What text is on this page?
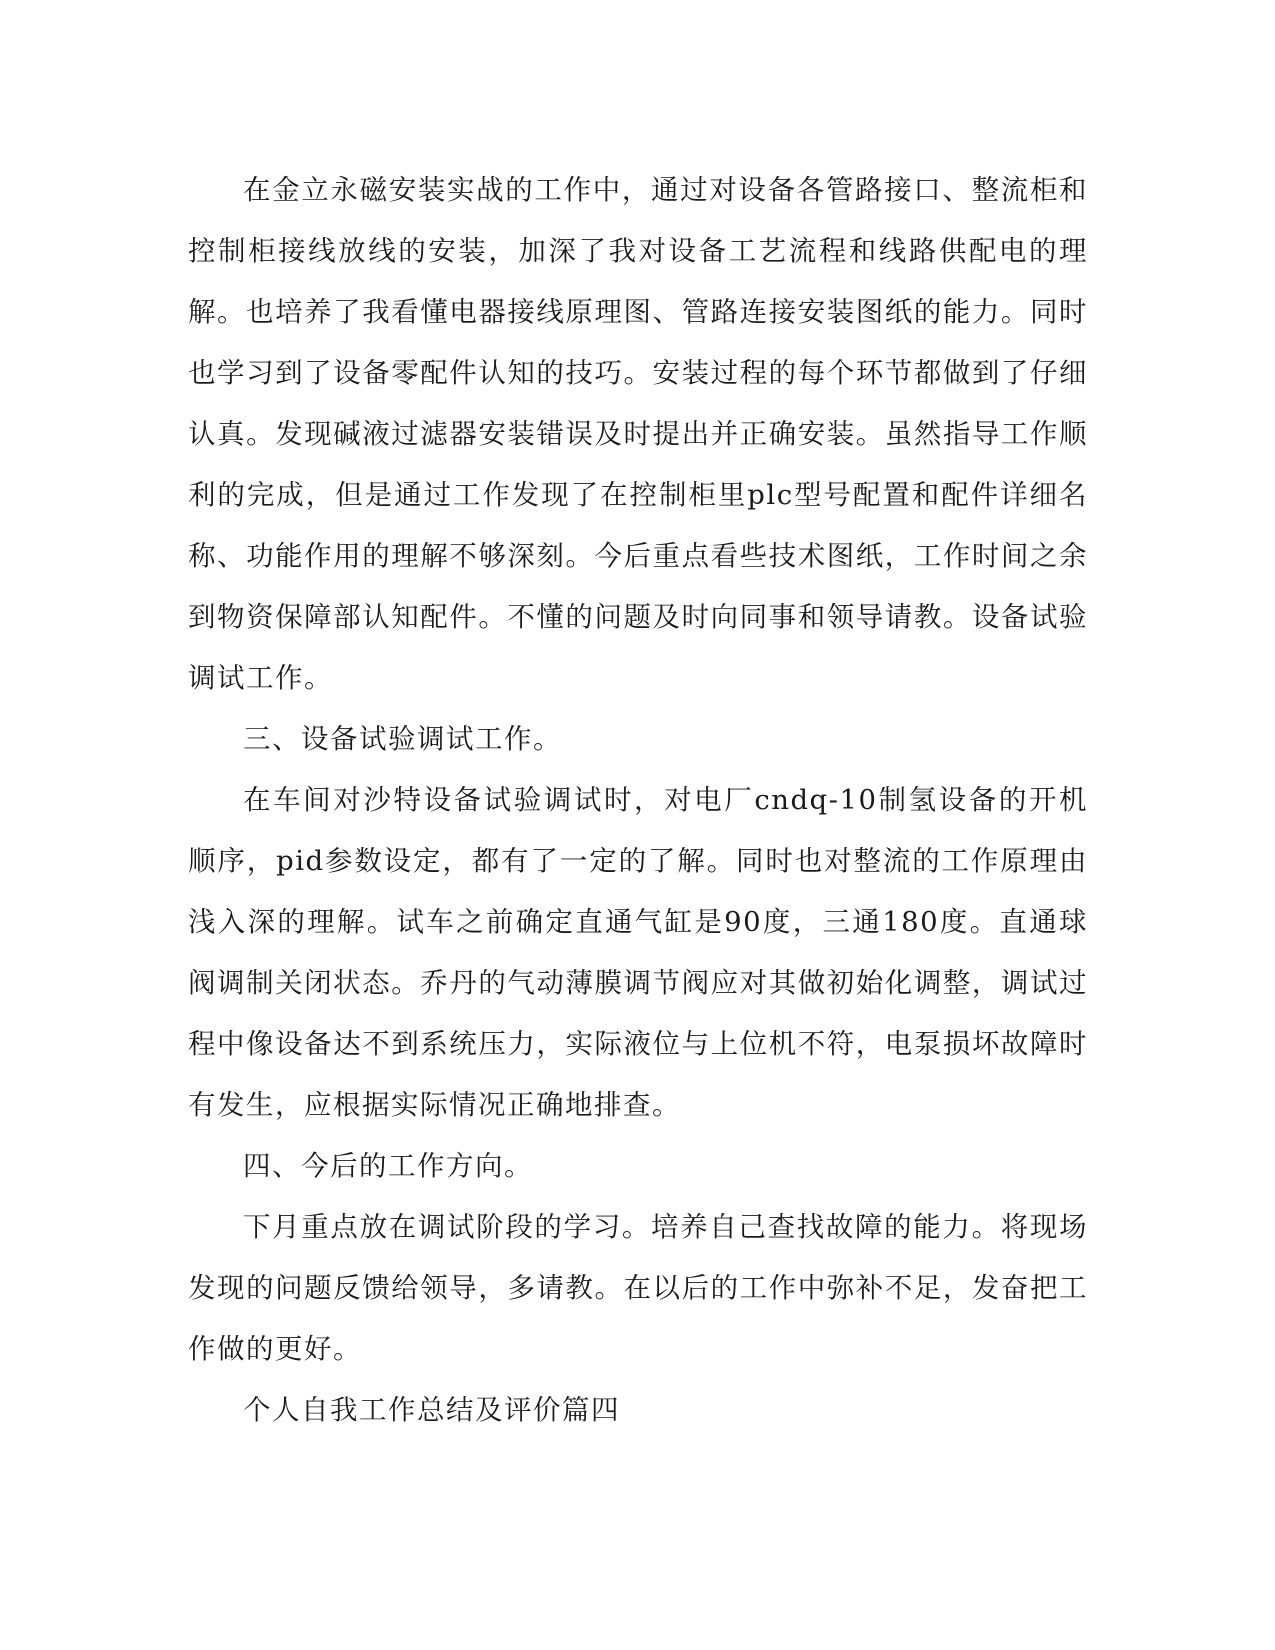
在金立永磁安装实战的工作中，通过对设备各管路接口、整流柜和控制柜接线放线的安装，加深了我对设备工艺流程和线路供配电的理解。也培养了我看懂电器接线原理图、管路连接安装图纸的能力。同时也学习到了设备零配件认知的技巧。安装过程的每个环节都做到了仔细认真。发现碱液过滤器安装错误及时提出并正确安装。虽然指导工作顺利的完成，但是通过工作发现了在控制柜里plc型号配置和配件详细名称、功能作用的理解不够深刻。今后重点看些技术图纸，工作时间之余到物资保障部认知配件。不懂的问题及时向同事和领导请教。设备试验调试工作。

三、设备试验调试工作。

在车间对沙特设备试验调试时，对电厂cndq-10制氢设备的开机顺序，pid参数设定，都有了一定的了解。同时也对整流的工作原理由浅入深的理解。试车之前确定直通气缸是90度，三通180度。直通球阀调制关闭状态。乔丹的气动薄膜调节阀应对其做初始化调整，调试过程中像设备达不到系统压力，实际液位与上位机不符，电泵损坏故障时有发生，应根据实际情况正确地排查。

四、今后的工作方向。

下月重点放在调试阶段的学习。培养自己查找故障的能力。将现场发现的问题反馈给领导，多请教。在以后的工作中弥补不足，发奋把工作做的更好。

个人自我工作总结及评价篇四
